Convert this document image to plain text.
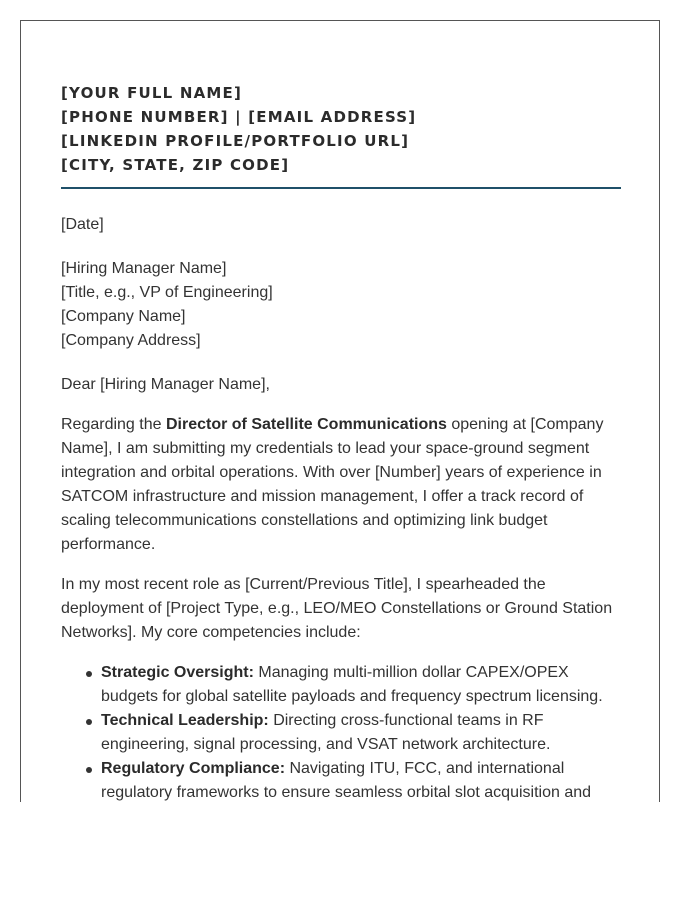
[YOUR FULL NAME]
[PHONE NUMBER] | [EMAIL ADDRESS]
[LINKEDIN PROFILE/PORTFOLIO URL]
[CITY, STATE, ZIP CODE]

[Date]

[Hiring Manager Name]

[Title, e.g., VP of Engineering]

[Company Name]

[Company Address]

Dear [Hiring Manager Name],

Regarding the Director of Satellite Communications opening at [Company Name], I am submitting my credentials to lead your space-ground segment integration and orbital operations. With over [Number] years of experience in SATCOM infrastructure and mission management, I offer a track record of scaling telecommunications constellations and optimizing link budget performance.

In my most recent role as [Current/Previous Title], I spearheaded the deployment of [Project Type, e.g., LEO/MEO Constellations or Ground Station Networks]. My core competencies include:

Strategic Oversight: Managing multi-million dollar CAPEX/OPEX budgets for global satellite payloads and frequency spectrum licensing.
Technical Leadership: Directing cross-functional teams in RF engineering, signal processing, and VSAT network architecture.
Regulatory Compliance: Navigating ITU, FCC, and international regulatory frameworks to ensure seamless orbital slot acquisition and
